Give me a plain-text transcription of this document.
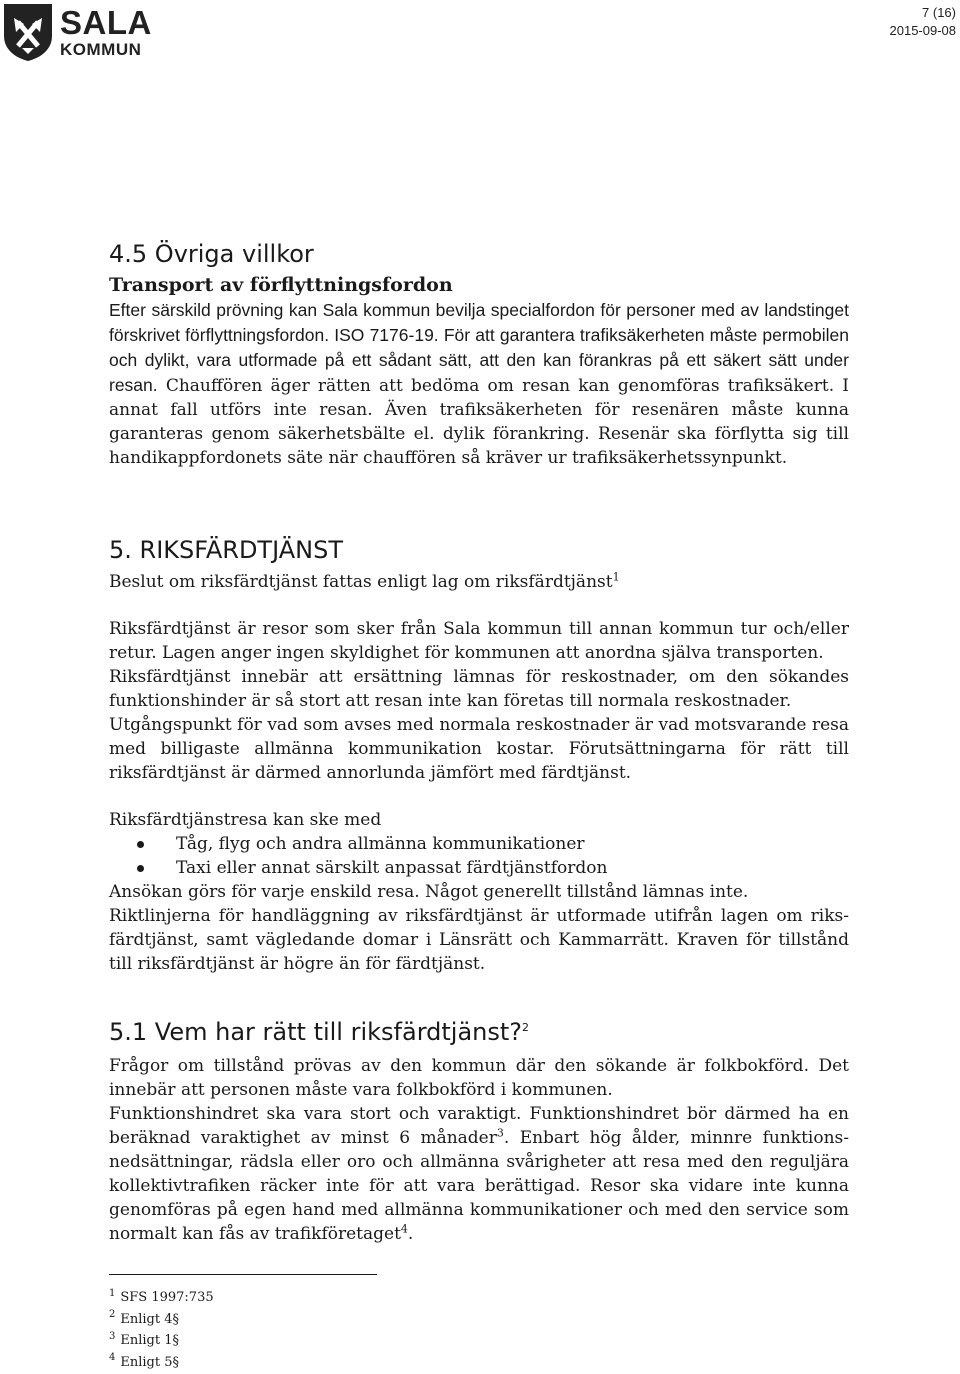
SALA
KOMMUN
7 (16)
2015-09-08
4.5 Övriga villkor

Transport av förflyttningsfordon

Efter särskild prövning kan Sala kommun bevilja specialfordon för personer med av landstinget förskrivet förflyttningsfordon. ISO 7176-19. För att garantera trafiksäkerheten måste permobilen och dylikt, vara utformade på ett sådant sätt, att den kan förankras på ett säkert sätt under resan. Chauffören äger rätten att bedöma om resan kan genomföras trafiksäkert. I annat fall utförs inte resan. Även trafiksäkerheten för resenären måste kunna garanteras genom säkerhetsbälte el. dylik förankring. Resenär ska förflytta sig till handikappfordonets säte när chauffören så kräver ur trafiksäkerhetssynpunkt.

5. RIKSFÄRDTJÄNST

Beslut om riksfärdtjänst fattas enligt lag om riksfärdtjänst$^1$

Riksfärdtjänst är resor som sker från Sala kommun till annan kommun tur och/eller retur. Lagen anger ingen skyldighet för kommunen att anordna själva transporten.

Riksfärdtjänst innebär att ersättning lämnas för reskostnader, om den sökandes funktionshinder är så stort att resan inte kan företas till normala reskostnader.

Utgångspunkt för vad som avses med normala reskostnader är vad motsvarande resa med billigaste allmänna kommunikation kostar. Förutsättningarna för rätt till riksfärdtjänst är därmed annorlunda jämfört med färdtjänst.

Riksfärdtjänstresa kan ske med

Tåg, flyg och andra allmänna kommunikationer
Taxi eller annat särskilt anpassat färdtjänstfordon

Ansökan görs för varje enskild resa. Något generellt tillstånd lämnas inte.

Riktlinjerna för handläggning av riksfärdtjänst är utformade utifrån lagen om riks-färdtjänst, samt vägledande domar i Länsrätt och Kammarrätt. Kraven för tillstånd till riksfärdtjänst är högre än för färdtjänst.

5.1 Vem har rätt till riksfärdtjänst?$^2$

Frågor om tillstånd prövas av den kommun där den sökande är folkbokförd. Det innebär att personen måste vara folkbokförd i kommunen.

Funktionshindret ska vara stort och varaktigt. Funktionshindret bör därmed ha en beräknad varaktighet av minst 6 månader$^3$. Enbart hög ålder, minnre funktions-nedsättningar, rädsla eller oro och allmänna svårigheter att resa med den reguljära kollektivtrafiken räcker inte för att vara berättigad. Resor ska vidare inte kunna genomföras på egen hand med allmänna kommunikationer och med den service som normalt kan fås av trafikföretaget$^4$.

$^1$ SFS 1997:735
$^2$ Enligt 4§
$^3$ Enligt 1§
$^4$ Enligt 5§
